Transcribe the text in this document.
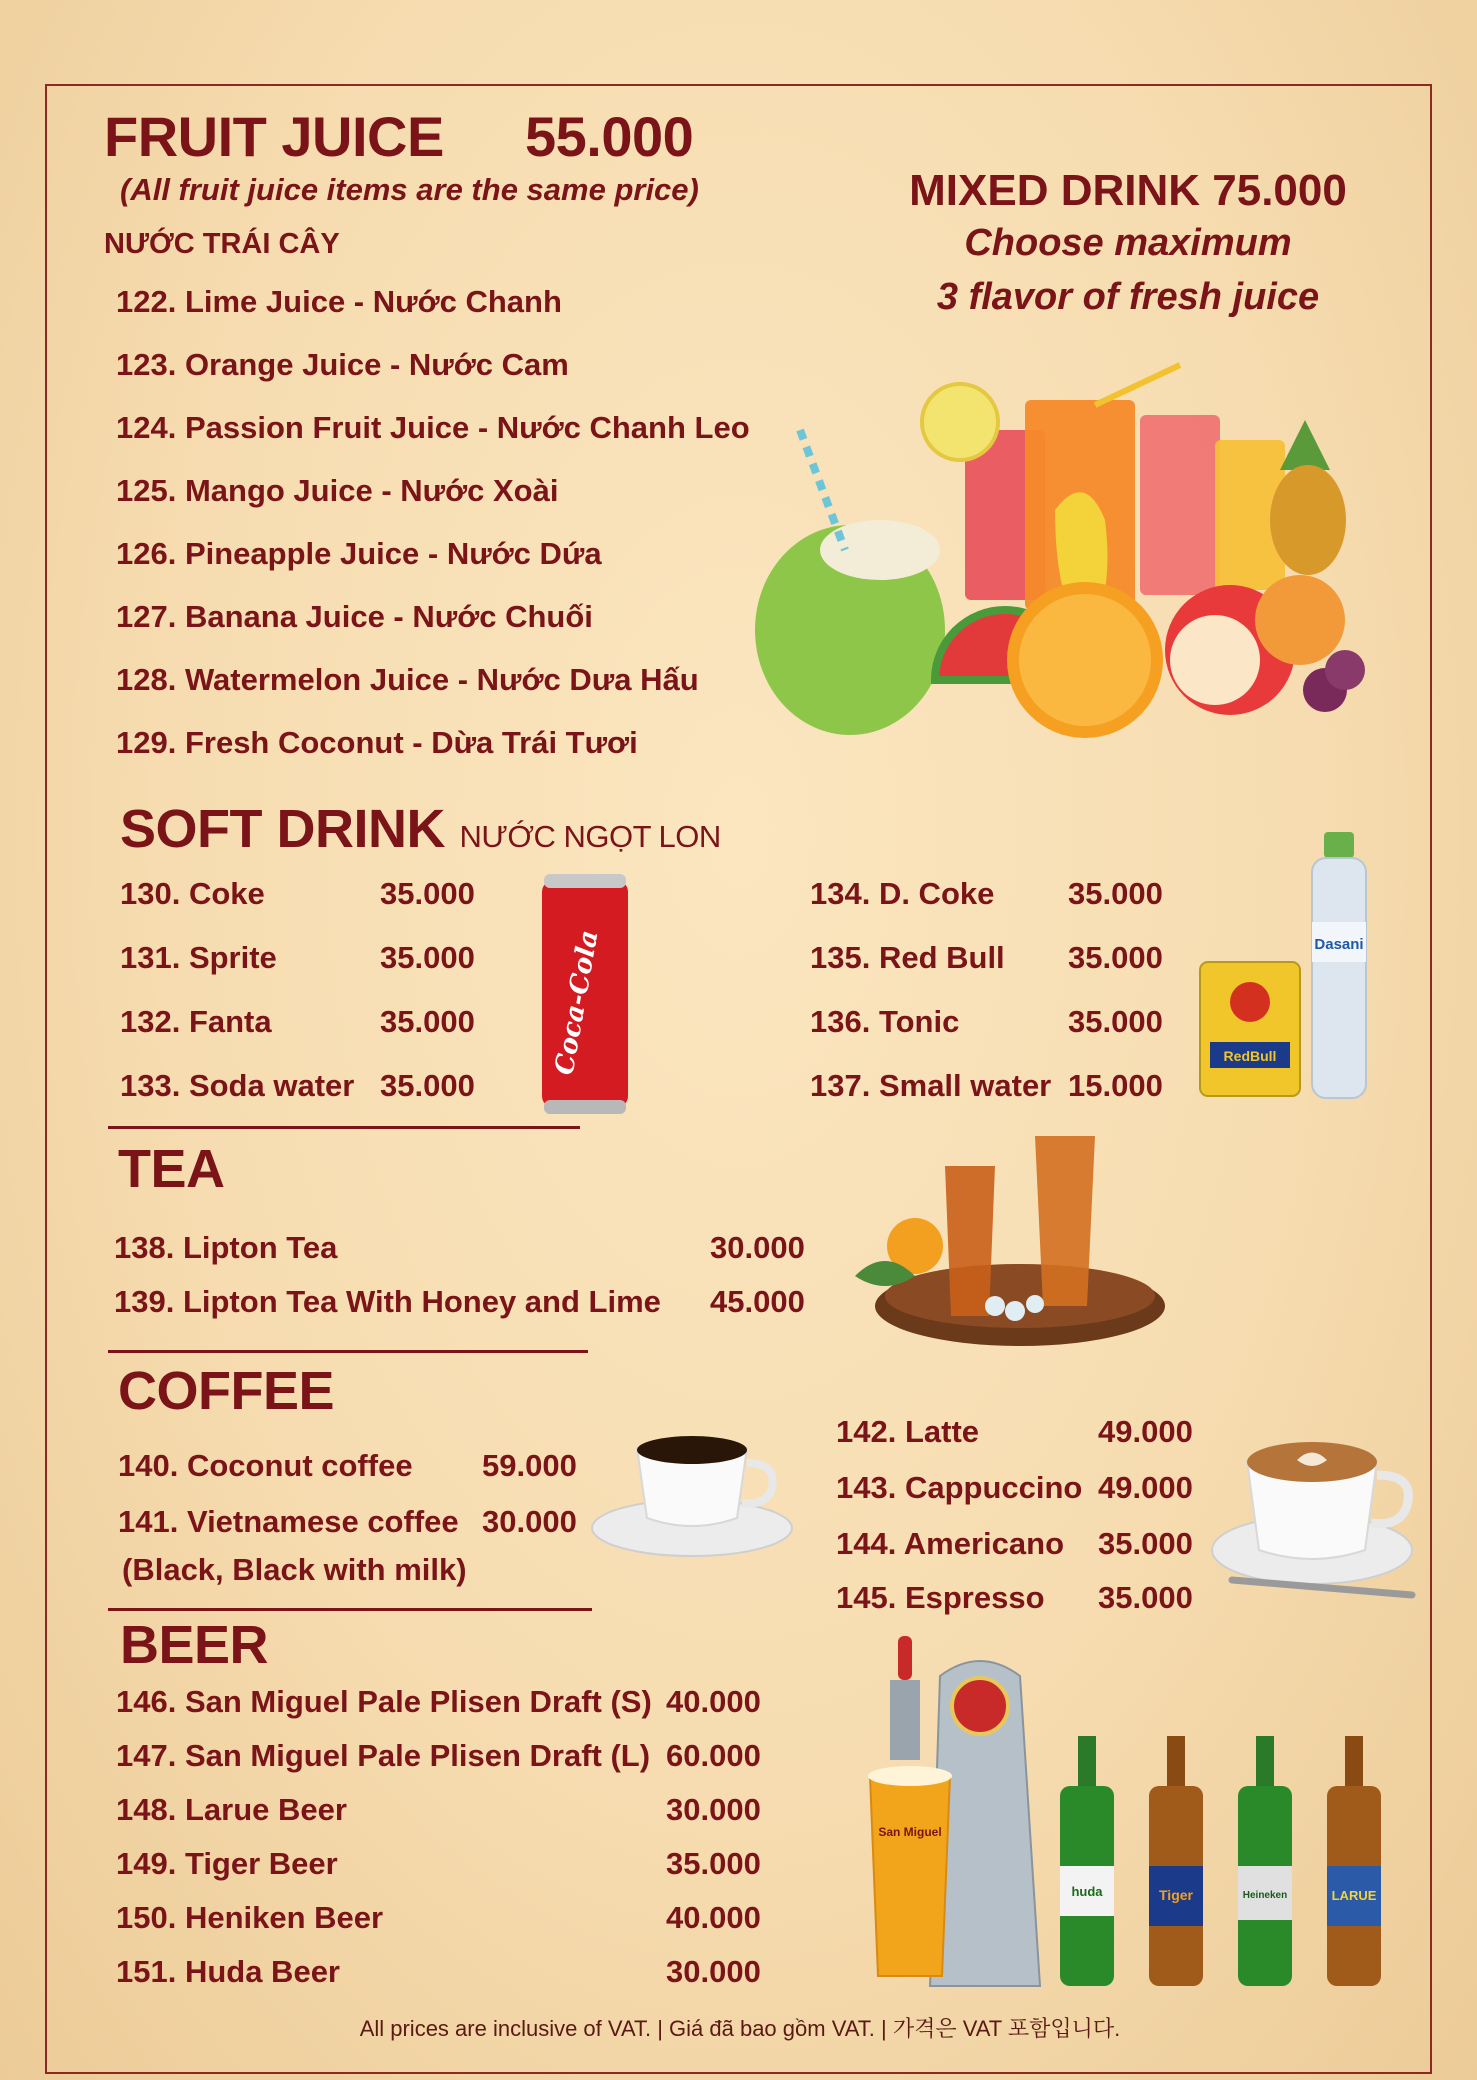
FRUIT JUICE 55.000
(All fruit juice items are the same price)
NƯỚC TRÁI CÂY
122. Lime Juice - Nước Chanh
123. Orange Juice - Nước Cam
124. Passion Fruit Juice - Nước Chanh Leo
125. Mango Juice - Nước Xoài
126. Pineapple Juice - Nước Dứa
127. Banana Juice - Nước Chuối
128. Watermelon Juice - Nước Dưa Hấu
129. Fresh Coconut - Dừa Trái Tươi
MIXED DRINK 75.000
Choose maximum
3 flavor of fresh juice
SOFT DRINK NƯỚC NGỌT LON
130. Coke	35.000
131. Sprite	35.000
132. Fanta	35.000
133. Soda water 35.000
134. D. Coke 35.000
135. Red Bull 35.000
136. Tonic	35.000
137. Small water 15.000
Coca-Cola	Dasani
RedBull
TEA
138. Lipton Tea	30.000
139. Lipton Tea With Honey and Lime 45.000
COFFEE
140. Coconut coffee 59.000
141. Vietnamese coffee 30.000
(Black, Black with milk)
142. Latte	49.000
143. Cappuccino 49.000
144. Americano 35.000
145. Espresso 35.000
BEER
146. San Miguel Pale Plisen Draft (S) 40.000
147. San Miguel Pale Plisen Draft (L) 60.000
148. Larue Beer	30.000
149. Tiger Beer	35.000
150. Heniken Beer	40.000
151. Huda Beer	30.000
San Miguel
huda	Tiger	Heineken	LARUE
All prices are inclusive of VAT. | Giá đã bao gồm VAT. | 가격은 VAT 포함입니다.
